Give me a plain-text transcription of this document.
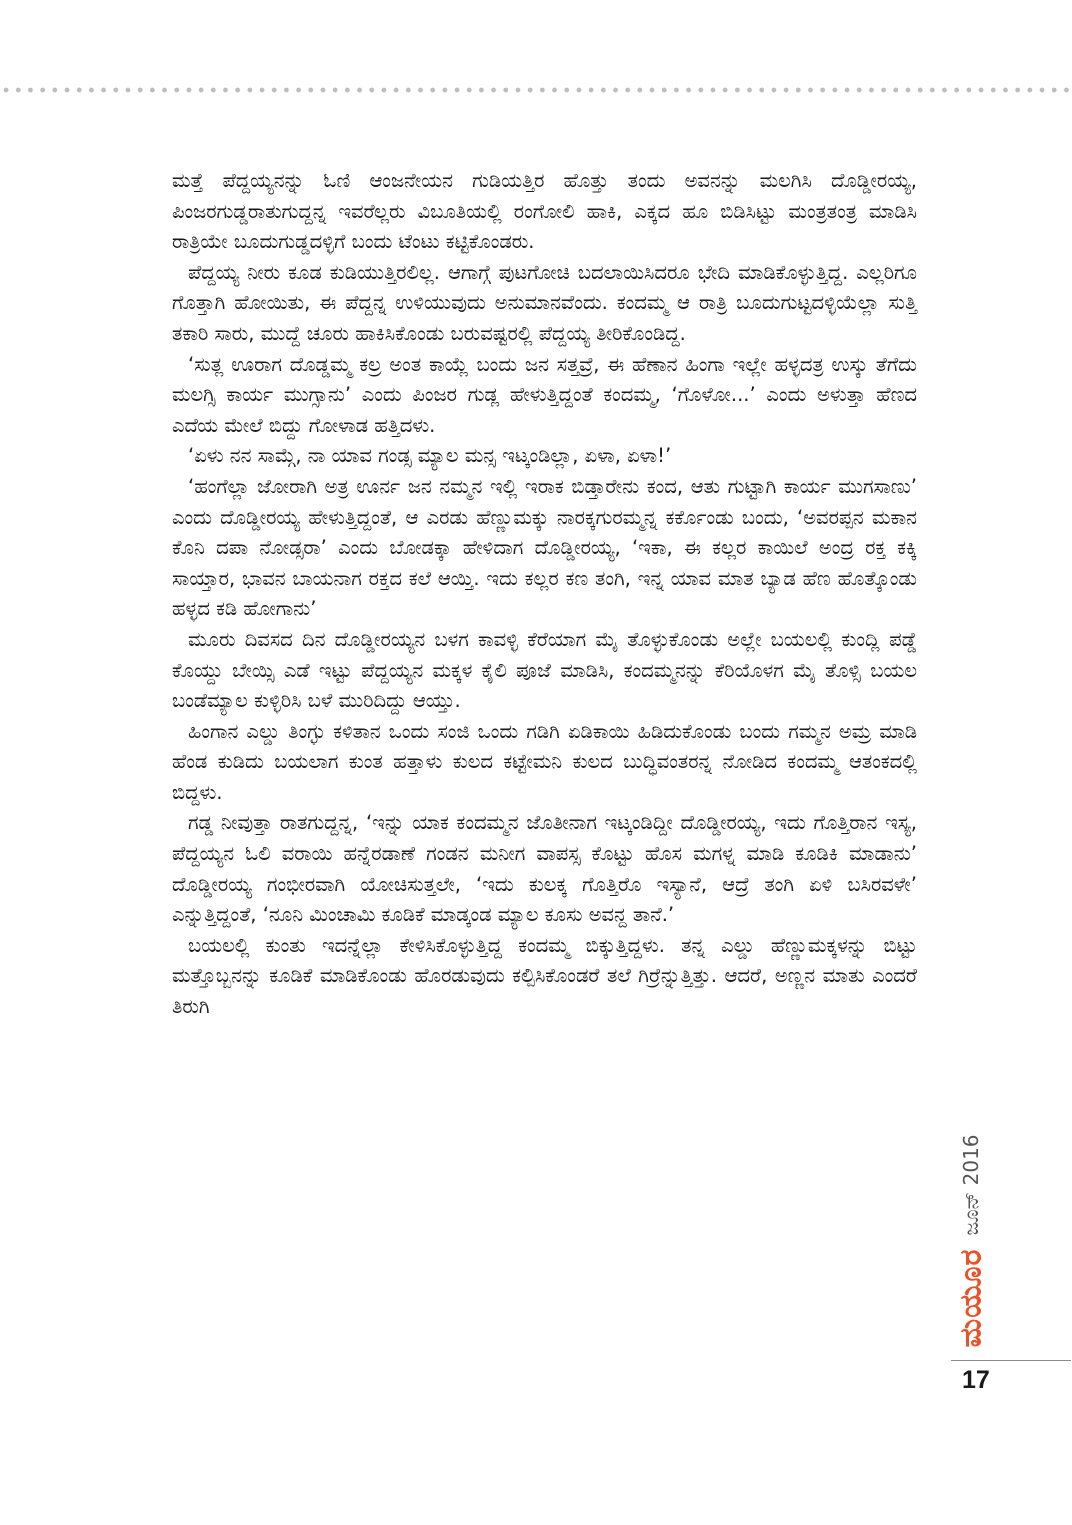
ಮತ್ತೆ ಪೆದ್ದಯ್ಯನನ್ನು ಓಣಿ ಆಂಜನೇಯನ ಗುಡಿಯತ್ತಿರ ಹೊತ್ತು ತಂದು ಅವನನ್ನು ಮಲಗಿಸಿ ದೊಡ್ಡೀರಯ್ಯ, ಪಿಂಜರಗುಡ್ಡರಾತುಗುದ್ದನ್ನ ಇವರೆಲ್ಲರು ವಿಬೂತಿಯಲ್ಲಿ ರಂಗೋಲಿ ಹಾಕಿ, ಎಕ್ಕದ ಹೂ ಬಿಡಿಸಿಟ್ಟು ಮಂತ್ರತಂತ್ರ ಮಾಡಿಸಿ ರಾತ್ರಿಯೇ ಬೂದುಗುಡ್ಡದಳ್ಳಿಗೆ ಬಂದು ಟೆಂಟು ಕಟ್ಟಿಕೊಂಡರು.

ಪೆದ್ದಯ್ಯ ನೀರು ಕೂಡ ಕುಡಿಯುತ್ತಿರಲಿಲ್ಲ. ಆಗಾಗ್ಗೆ ಪುಟಗೋಚಿ ಬದಲಾಯಿಸಿದರೂ ಭೇದಿ ಮಾಡಿಕೊಳ್ಳುತ್ತಿದ್ದ. ಎಲ್ಲರಿಗೂ ಗೊತ್ತಾಗಿ ಹೋಯಿತು, ಈ ಪೆದ್ದನ್ನ ಉಳಿಯುವುದು ಅನುಮಾನವೆಂದು. ಕಂದಮ್ಮ ಆ ರಾತ್ರಿ ಬೂದುಗುಟ್ಟದಳ್ಳಿಯೆಲ್ಲಾ ಸುತ್ತಿ ತಕಾರಿ ಸಾರು, ಮುದ್ದೆ ಚೂರು ಹಾಕಿಸಿಕೊಂಡು ಬರುವಷ್ಟರಲ್ಲಿ ಪೆದ್ದಯ್ಯ ತೀರಿಕೊಂಡಿದ್ದ.

‘ಸುತ್ಲ ಊರಾಗ ದೊಡ್ಡಮ್ಮ ಕಲ್ರ ಅಂತ ಕಾಯ್ಲೆ ಬಂದು ಜನ ಸತ್ತವ್ರೆ, ಈ ಹೆಣಾನ ಹಿಂಗಾ ಇಲ್ಲೇ ಹಳ್ಳದತ್ರ ಉಸ್ಕು ತೆಗೆದು ಮಲಗ್ಸಿ ಕಾರ್ಯ ಮುಗ್ಸಾನು’ ಎಂದು ಪಿಂಜರ ಗುಡ್ಲ ಹೇಳುತ್ತಿದ್ದಂತೆ ಕಂದಮ್ಮ, ‘ಗೊಳೋ...’ ಎಂದು ಅಳುತ್ತಾ ಹೆಣದ ಎದೆಯ ಮೇಲೆ ಬಿದ್ದು ಗೋಳಾಡ ಹತ್ತಿದಳು.

‘ಏಳು ನನ ಸಾಮ್ಗೆ, ನಾ ಯಾವ ಗಂಡ್ಸ ಮ್ಯಾಲ ಮನ್ಸ ಇಟ್ಕಂಡಿಲ್ಲಾ, ಏಳಾ, ಏಳಾ!’

‘ಹಂಗೆಲ್ಲಾ ಜೋರಾಗಿ ಅತ್ರ ಊರ್ನ ಜನ ನಮ್ಮನ ಇಲ್ಲಿ ಇರಾಕ ಬಿಡ್ತಾರೇನು ಕಂದ, ಆತು ಗುಟ್ಟಾಗಿ ಕಾರ್ಯ ಮುಗಸಾಣು’ ಎಂದು ದೊಡ್ಡೀರಯ್ಯ ಹೇಳುತ್ತಿದ್ದಂತೆ, ಆ ಎರಡು ಹೆಣ್ಣುಮಕ್ಕು ನಾರಕ್ಕಗುರಮ್ಮನ್ನ ಕರ್ಕೊಂಡು ಬಂದು, ‘ಅವರಪ್ಪನ ಮಕಾನ ಕೊನಿ ದಪಾ ನೋಡ್ಸರಾ’ ಎಂದು ಬೋಡಕ್ಕಾ ಹೇಳಿದಾಗ ದೊಡ್ಡೀರಯ್ಯ, ‘ಇಕಾ, ಈ ಕಲ್ಲರ ಕಾಯಿಲೆ ಅಂದ್ರ ರಕ್ತ ಕಕ್ಕಿ ಸಾಯ್ತಾರ, ಭಾವನ ಬಾಯನಾಗ ರಕ್ತದ ಕಲೆ ಆಯ್ತಿ. ಇದು ಕಲ್ಲರ ಕಣ ತಂಗಿ, ಇನ್ನ ಯಾವ ಮಾತ ಬ್ಯಾಡ ಹೆಣ ಹೊತ್ಕೊಂಡು ಹಳ್ಳದ ಕಡಿ ಹೋಗಾನು’

ಮೂರು ದಿವಸದ ದಿನ ದೊಡ್ಡೀರಯ್ಯನ ಬಳಗ ಕಾವಳ್ಳಿ ಕೆರೆಯಾಗ ಮೈ ತೊಳ್ಳುಕೊಂಡು ಅಲ್ಲೇ ಬಯಲಲ್ಲಿ ಕುಂದ್ಲಿ ಪಡ್ಡೆ ಕೊಯ್ದು ಬೇಯ್ಸಿ ಎಡೆ ಇಟ್ಟು ಪೆದ್ದಯ್ಯನ ಮಕ್ಕಳ ಕೈಲಿ ಪೂಜೆ ಮಾಡಿಸಿ, ಕಂದಮ್ಮನನ್ನು ಕೆರಿಯೊಳಗ ಮೈ ತೊಳ್ಸಿ ಬಯಲ ಬಂಡೆಮ್ಯಾಲ ಕುಳ್ಳಿರಿಸಿ ಬಳೆ ಮುರಿದಿದ್ದು ಆಯ್ತು.

ಹಿಂಗಾನ ಎಲ್ಡು ತಿಂಗ್ಳು ಕಳಿತಾನ ಒಂದು ಸಂಜಿ ಒಂದು ಗಡಿಗಿ ಏಡಿಕಾಯಿ ಹಿಡಿದುಕೊಂಡು ಬಂದು ಗಮ್ಮನ ಅಮ್ರ ಮಾಡಿ ಹೆಂಡ ಕುಡಿದು ಬಯಲಾಗ ಕುಂತ ಹತ್ತಾಳು ಕುಲದ ಕಟ್ಟೇಮನಿ ಕುಲದ ಬುದ್ಧಿವಂತರನ್ನ ನೋಡಿದ ಕಂದಮ್ಮ ಆತಂಕದಲ್ಲಿ ಬಿದ್ದಳು.

ಗಡ್ಡ ನೀವುತ್ತಾ ರಾತಗುದ್ದನ್ನ, ‘ಇನ್ನು ಯಾಕ ಕಂದಮ್ಮನ ಜೊತೀನಾಗ ಇಟ್ಕಂಡಿದ್ದೀ ದೊಡ್ಡೀರಯ್ಯ, ಇದು ಗೊತ್ತಿರಾನ ಇಸ್ಯ, ಪೆದ್ದಯ್ಯನ ಓಲಿ ವರಾಯಿ ಹನ್ನೆರಡಾಣೆ ಗಂಡನ ಮನೀಗ ವಾಪಸ್ಸ ಕೊಟ್ಟು ಹೊಸ ಮಗಳ್ನ ಮಾಡಿ ಕೂಡಿಕಿ ಮಾಡಾನು’ ದೊಡ್ಡೀರಯ್ಯ ಗಂಭೀರವಾಗಿ ಯೋಚಿಸುತ್ತಲೇ, ‘ಇದು ಕುಲಕ್ಕ ಗೊತ್ತಿರೊ ಇಸ್ಯಾನೆ, ಆದ್ರೆ ತಂಗಿ ಏಳಿ ಬಸಿರವಳೇ’ ಎನ್ನುತ್ತಿದ್ದಂತೆ, ‘ನೂನಿ ಮಿಂಚಾಮಿ ಕೂಡಿಕೆ ಮಾಡ್ಕಂಡ ಮ್ಯಾಲ ಕೂಸು ಅವನ್ದ ತಾನೆ.’

ಬಯಲಲ್ಲಿ ಕುಂತು ಇದನ್ನೆಲ್ಲಾ ಕೇಳಿಸಿಕೊಳ್ಳುತ್ತಿದ್ದ ಕಂದಮ್ಮ ಬಿಕ್ಕುತ್ತಿದ್ದಳು. ತನ್ನ ಎಲ್ಡು ಹೆಣ್ಣುಮಕ್ಕಳನ್ನು ಬಿಟ್ಟು ಮತ್ತೊಬ್ಬನನ್ನು ಕೂಡಿಕೆ ಮಾಡಿಕೊಂಡು ಹೊರಡುವುದು ಕಲ್ಪಿಸಿಕೊಂಡರೆ ತಲೆ ಗಿರ್ರೆನ್ನುತ್ತಿತ್ತು. ಆದರೆ, ಅಣ್ಣನ ಮಾತು ಎಂದರೆ ತಿರುಗಿ

ಜೂನ್ 2016
ಮಯೂರ
17
